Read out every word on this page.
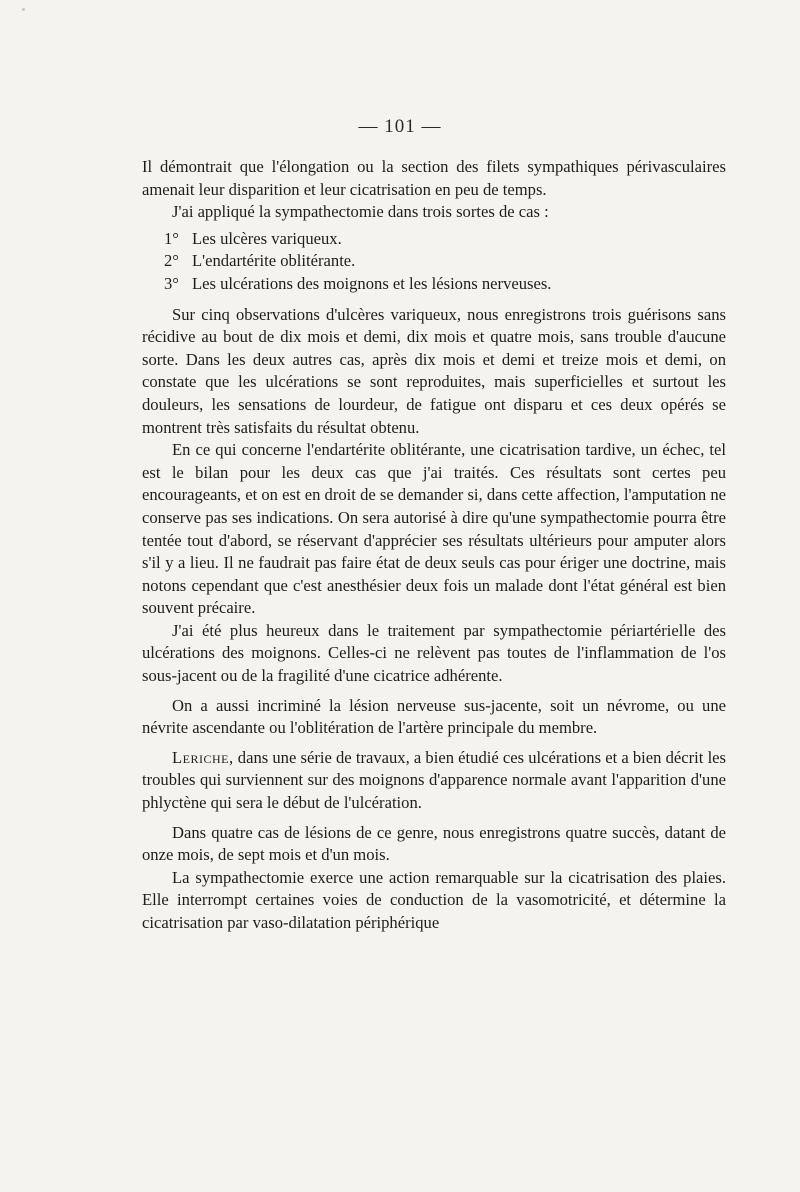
— 101 —

Il démontrait que l'élongation ou la section des filets sympathiques périvasculaires amenait leur disparition et leur cicatrisation en peu de temps.

J'ai appliqué la sympathectomie dans trois sortes de cas :

1° Les ulcères variqueux.
2° L'endartérite oblitérante.
3° Les ulcérations des moignons et les lésions nerveuses.

Sur cinq observations d'ulcères variqueux, nous enregistrons trois guérisons sans récidive au bout de dix mois et demi, dix mois et quatre mois, sans trouble d'aucune sorte. Dans les deux autres cas, après dix mois et demi et treize mois et demi, on constate que les ulcérations se sont reproduites, mais superficielles et surtout les douleurs, les sensations de lourdeur, de fatigue ont disparu et ces deux opérés se montrent très satisfaits du résultat obtenu.

En ce qui concerne l'endartérite oblitérante, une cicatrisation tardive, un échec, tel est le bilan pour les deux cas que j'ai traités. Ces résultats sont certes peu encourageants, et on est en droit de se demander si, dans cette affection, l'amputation ne conserve pas ses indications. On sera autorisé à dire qu'une sympathectomie pourra être tentée tout d'abord, se réservant d'apprécier ses résultats ultérieurs pour amputer alors s'il y a lieu. Il ne faudrait pas faire état de deux seuls cas pour ériger une doctrine, mais notons cependant que c'est anesthésier deux fois un malade dont l'état général est bien souvent précaire.

J'ai été plus heureux dans le traitement par sympathectomie périartérielle des ulcérations des moignons. Celles-ci ne relèvent pas toutes de l'inflammation de l'os sous-jacent ou de la fragilité d'une cicatrice adhérente.

On a aussi incriminé la lésion nerveuse sus-jacente, soit un névrome, ou une névrite ascendante ou l'oblitération de l'artère principale du membre.

Leriche, dans une série de travaux, a bien étudié ces ulcérations et a bien décrit les troubles qui surviennent sur des moignons d'apparence normale avant l'apparition d'une phlyctène qui sera le début de l'ulcération.

Dans quatre cas de lésions de ce genre, nous enregistrons quatre succès, datant de onze mois, de sept mois et d'un mois.

La sympathectomie exerce une action remarquable sur la cicatrisation des plaies. Elle interrompt certaines voies de conduction de la vasomotricité, et détermine la cicatrisation par vaso-dilatation périphérique
